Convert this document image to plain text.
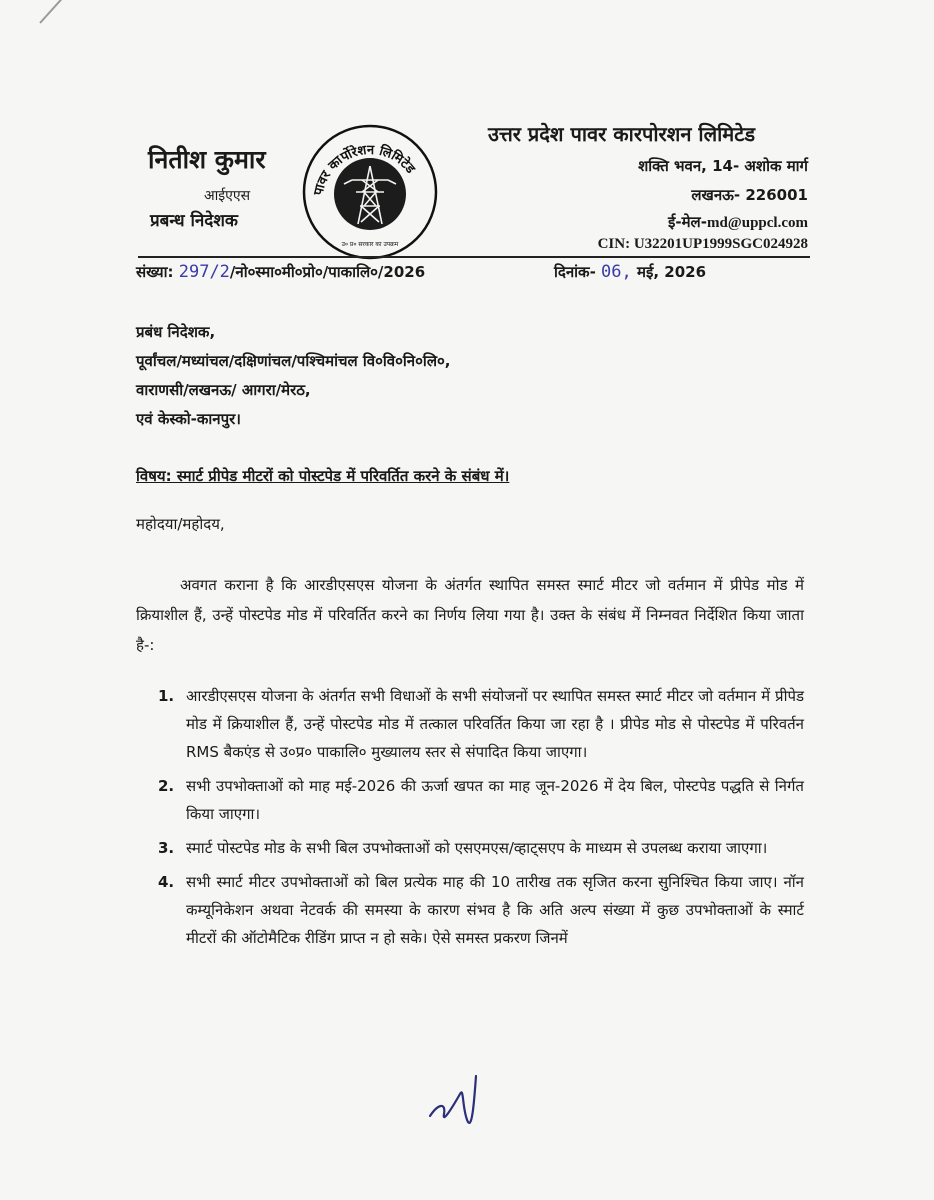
नितीश कुमार
आईएएस
प्रबन्ध निदेशक
पावर कार्पोरेशन लिमिटेड
उ० प्र० सरकार का उपक्रम
उत्तर प्रदेश पावर कारपोरशन लिमिटेड
शक्ति भवन, 14- अशोक मार्ग
लखनऊ- 226001
ई-मेल-md@uppcl.com
CIN: U32201UP1999SGC024928
संख्या: 297/2/नो०स्मा०मी०प्रो०/पाकालि०/2026	दिनांक- 06, मई, 2026
प्रबंध निदेशक,
पूर्वांचल/मध्यांचल/दक्षिणांचल/पश्चिमांचल वि०वि०नि०लि०,
वाराणसी/लखनऊ/ आगरा/मेरठ,
एवं केस्को-कानपुर।
विषय: स्मार्ट प्रीपेड मीटरों को पोस्टपेड में परिवर्तित करने के संबंध में।
महोदया/महोदय,
अवगत कराना है कि आरडीएसएस योजना के अंतर्गत स्थापित समस्त स्मार्ट मीटर जो वर्तमान में प्रीपेड मोड में क्रियाशील हैं, उन्हें पोस्टपेड मोड में परिवर्तित करने का निर्णय लिया गया है। उक्त के संबंध में निम्नवत निर्देशित किया जाता है-:
1. आरडीएसएस योजना के अंतर्गत सभी विधाओं के सभी संयोजनों पर स्थापित समस्त स्मार्ट मीटर जो वर्तमान में प्रीपेड मोड में क्रियाशील हैं, उन्हें पोस्टपेड मोड में तत्काल परिवर्तित किया जा रहा है । प्रीपेड मोड से पोस्टपेड में परिवर्तन RMS बैकएंड से उ०प्र० पाकालि० मुख्यालय स्तर से संपादित किया जाएगा।
2. सभी उपभोक्ताओं को माह मई-2026 की ऊर्जा खपत का माह जून-2026 में देय बिल, पोस्टपेड पद्धति से निर्गत किया जाएगा।
3. स्मार्ट पोस्टपेड मोड के सभी बिल उपभोक्ताओं को एसएमएस/व्हाट्सएप के माध्यम से उपलब्ध कराया जाएगा।
4. सभी स्मार्ट मीटर उपभोक्ताओं को बिल प्रत्येक माह की 10 तारीख तक सृजित करना सुनिश्चित किया जाए। नॉन कम्यूनिकेशन अथवा नेटवर्क की समस्या के कारण संभव है कि अति अल्प संख्या में कुछ उपभोक्ताओं के स्मार्ट मीटरों की ऑटोमैटिक रीडिंग प्राप्त न हो सके। ऐसे समस्त प्रकरण जिनमें
